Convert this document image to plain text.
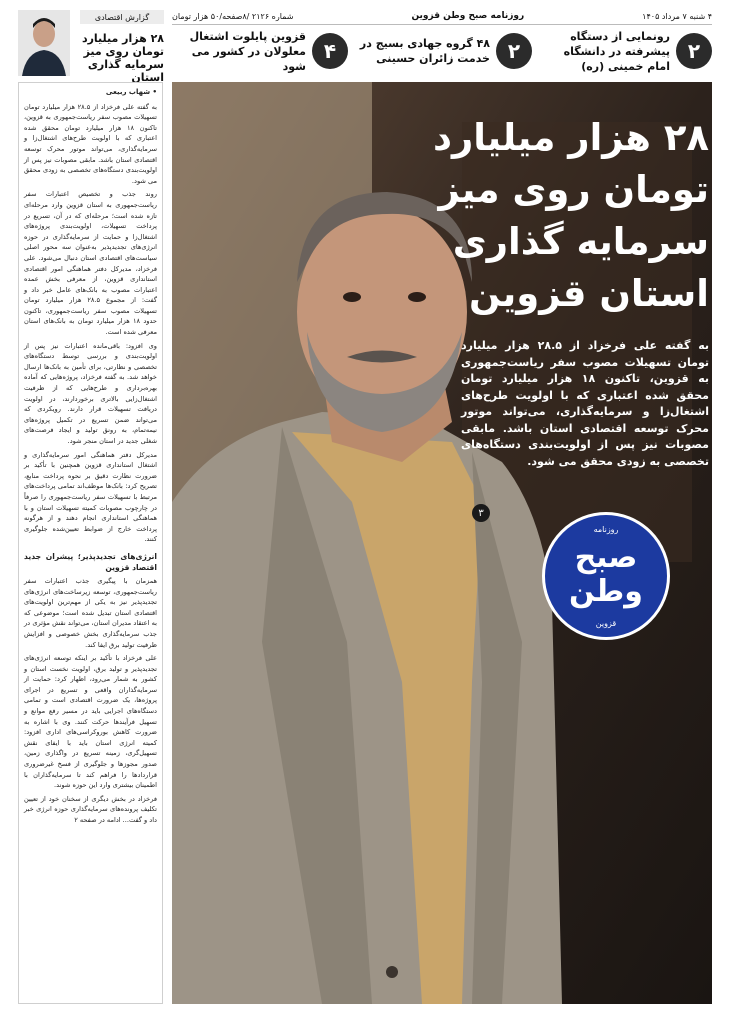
۴ شنبه ۷ مرداد ۱۴۰۵
روزنامه صبح وطن قزوین
شماره ۲۱۲۶ /۸صفحه/۵۰ هزار تومان
۲
رونمایی از دستگاه پیشرفته در دانشگاه امام خمینی (ره)
۲
۴۸ گروه جهادی بسیج در خدمت زائران حسینی
۴
قزوین پایلوت اشتغال معلولان در کشور می شود
گزارش اقتصادی
۲۸ هزار میلیارد تومان روی میز سرمایه گذاری استان
• شهاب ربیعی

به گفته علی فرخزاد از ۲۸.۵ هزار میلیارد تومان تسهیلات مصوب سفر ریاست‌جمهوری به قزوین، تاکنون ۱۸ هزار میلیارد تومان محقق شده اعتباری که با اولویت طرح‌های اشتغال‌زا و سرمایه‌گذاری، می‌تواند موتور محرک توسعه اقتصادی استان باشد. مابقی مصوبات نیز پس از اولویت‌بندی دستگاه‌های تخصصی به زودی محقق می شود.

روند جذب و تخصیص اعتبارات سفر ریاست‌جمهوری به استان قزوین وارد مرحله‌ای تازه شده است؛ مرحله‌ای که در آن، تسریع در پرداخت تسهیلات، اولویت‌بندی پروژه‌های اشتغال‌زا و حمایت از سرمایه‌گذاری در حوزه انرژی‌های تجدیدپذیر به‌عنوان سه محور اصلی سیاست‌های اقتصادی استان دنبال می‌شود. علی فرخزاد، مدیرکل دفتر هماهنگی امور اقتصادی استانداری قزوین، از معرفی بخش عمده اعتبارات مصوب به بانک‌های عامل خبر داد و گفت: از مجموع ۲۸.۵ هزار میلیارد تومان تسهیلات مصوب سفر ریاست‌جمهوری، تاکنون حدود ۱۸ هزار میلیارد تومان به بانک‌های استان معرفی شده است.

وی افزود: باقی‌مانده اعتبارات نیز پس از اولویت‌بندی و بررسی توسط دستگاه‌های تخصصی و نظارتی، برای تأمین به بانک‌ها ارسال خواهد شد. به گفته فرخزاد، پروژه‌هایی که آماده بهره‌برداری و طرح‌هایی که از ظرفیت اشتغال‌زایی بالاتری برخوردارند، در اولویت دریافت تسهیلات قرار دارند. رویکردی که می‌تواند ضمن تسریع در تکمیل پروژه‌های نیمه‌تمام، به رونق تولید و ایجاد فرصت‌های شغلی جدید در استان منجر شود.

مدیرکل دفتر هماهنگی امور سرمایه‌گذاری و اشتغال استانداری قزوین همچنین با تأکید بر ضرورت نظارت دقیق بر نحوه پرداخت منابع، تصریح کرد: بانک‌ها موظف‌اند تمامی پرداخت‌های مرتبط با تسهیلات سفر ریاست‌جمهوری را صرفاً در چارچوب مصوبات کمیته تسهیلات استان و با هماهنگی استانداری انجام دهند و از هرگونه پرداخت خارج از ضوابط تعیین‌شده جلوگیری کنند.

انرژی‌های تجدیدپذیر؛ پیشران جدید اقتصاد قزوین

همزمان با پیگیری جذب اعتبارات سفر ریاست‌جمهوری، توسعه زیرساخت‌های انرژی‌های تجدیدپذیر نیز به یکی از مهم‌ترین اولویت‌های اقتصادی استان تبدیل شده است؛ موضوعی که به اعتقاد مدیران استان، می‌تواند نقش مؤثری در جذب سرمایه‌گذاری بخش خصوصی و افزایش ظرفیت تولید برق ایفا کند.

علی فرخزاد با تأکید بر اینکه توسعه انرژی‌های تجدیدپذیر و تولید برق، اولویت نخست استان و کشور به شمار می‌رود، اظهار کرد: حمایت از سرمایه‌گذاران واقعی و تسریع در اجرای پروژه‌ها، یک ضرورت اقتصادی است و تمامی دستگاه‌های اجرایی باید در مسیر رفع موانع و تسهیل فرآیندها حرکت کنند. وی با اشاره به ضرورت کاهش بوروکراسی‌های اداری افزود: کمیته انرژی استان باید با ایفای نقش تسهیل‌گری، زمینه تسریع در واگذاری زمین، صدور مجوزها و جلوگیری از فسخ غیرضروری قراردادها را فراهم کند تا سرمایه‌گذاران با اطمینان بیشتری وارد این حوزه شوند.

فرخزاد در بخش دیگری از سخنان خود از تعیین تکلیف پرونده‌های سرمایه‌گذاری حوزه انرژی خبر داد و گفت... ادامه در صفحه ۲

۲۸ هزار میلیارد تومان روی میز سرمایه گذاری استان قزوین
به گفته علی فرخزاد از ۲۸.۵ هزار میلیارد تومان تسهیلات مصوب سفر ریاست‌جمهوری به قزوین، تاکنون ۱۸ هزار میلیارد تومان محقق شده اعتباری که با اولویت طرح‌های اشتغال‌زا و سرمایه‌گذاری، می‌تواند موتور محرک توسعه اقتصادی استان باشد. مابقی مصوبات نیز پس از اولویت‌بندی دستگاه‌های تخصصی به زودی محقق می شود.
۳
روزنامه
صبح
وطن
قزوین
